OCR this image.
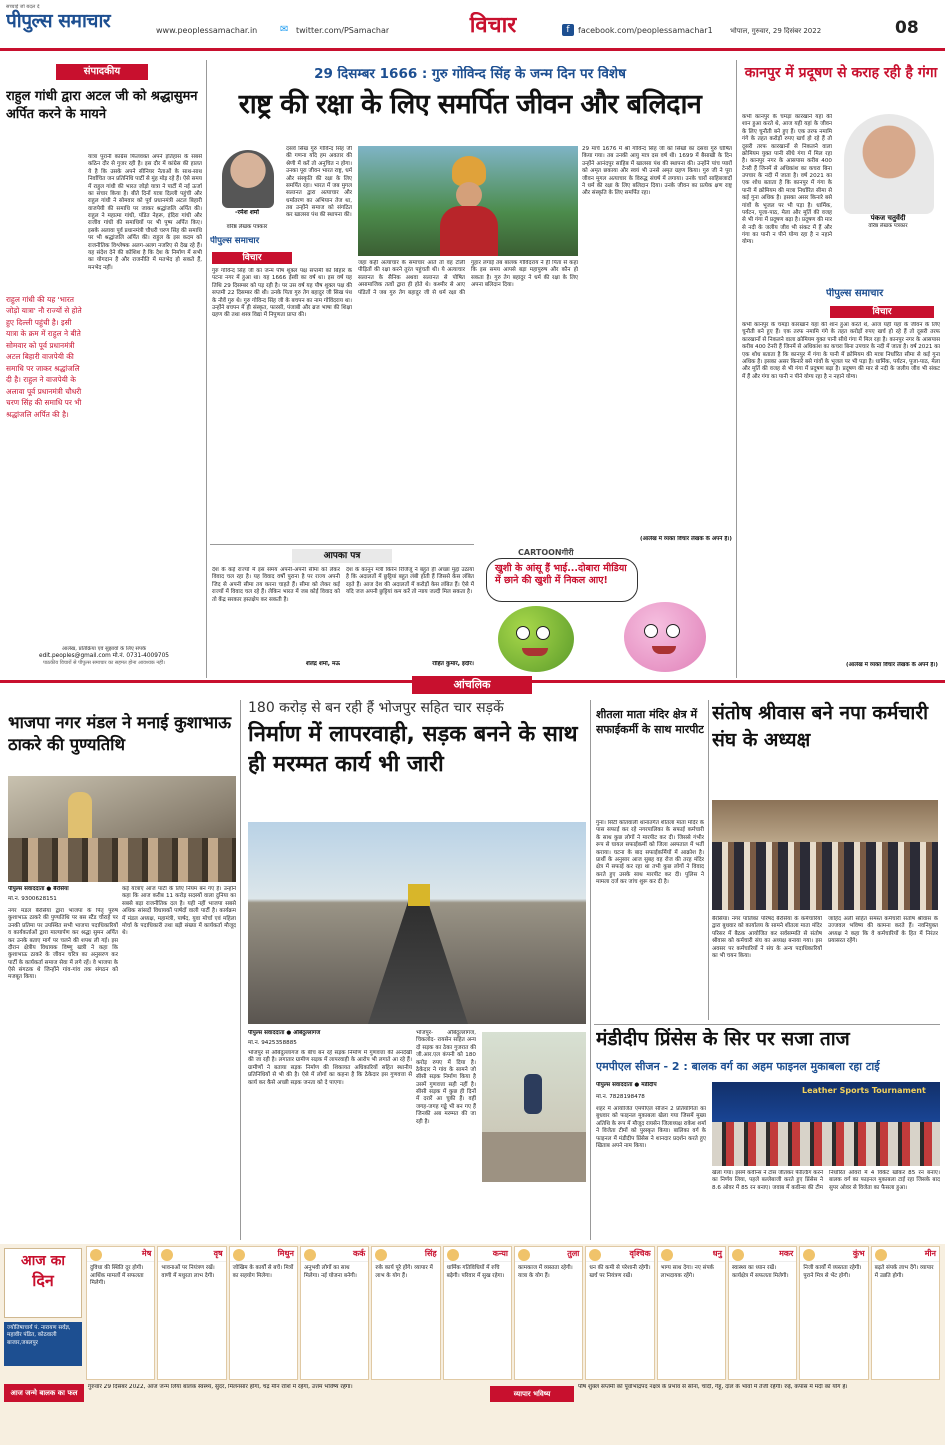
सच्चाई जो बदल दे
पीपुल्स समाचार	www.peoplessamachar.in ✉ twitter.com/PSamachar	विचार	f	facebook.com/peoplessamachar1 भोपाल, गुरुवार, 29 दिसंबर 2022	08
संपादकीय
राहुल गांधी द्वारा अटल जी को श्रद्धासुमन अर्पित करने के मायने
यात्रा पुरानी कांग्रेस फिलवक्त अपने इतिहास के सबसे कठिन दौर से गुजर रही है। इस दौर में कांग्रेस की हालत ये है कि उसके अपने सीनियर नेताओं के साथ-साथ निर्वाचित जन प्रतिनिधि पार्टी से मुंह मोड़ रहे हैं। ऐसे समय में राहुल गांधी की भारत जोड़ो यात्रा ने पार्टी में नई ऊर्जा का संचार किया है। बीते दिनों यात्रा दिल्ली पहुंची और राहुल गांधी ने सोमवार को पूर्व प्रधानमंत्री अटल बिहारी वाजपेयी की समाधि पर जाकर श्रद्धांजलि अर्पित की। राहुल ने महात्मा गांधी, पंडित नेहरू, इंदिरा गांधी और राजीव गांधी की समाधियों पर भी पुष्प अर्पित किए। इसके अलावा पूर्व प्रधानमंत्री चौधरी चरण सिंह की समाधि पर भी श्रद्धांजलि अर्पित की। राहुल के इस कदम को राजनीतिक विश्लेषक अलग-अलग नजरिए से देख रहे हैं। यह संदेश देने की कोशिश है कि देश के निर्माण में सभी का योगदान है और राजनीति में मतभेद हो सकते हैं, मनभेद नहीं।
राहुल गांधी की यह 'भारत जोड़ो यात्रा' नौ राज्यों से होते हुए दिल्ली पहुंची है। इसी यात्रा के क्रम में राहुल ने बीते सोमवार को पूर्व प्रधानमंत्री अटल बिहारी वाजपेयी की समाधि पर जाकर श्रद्धांजलि दी है। राहुल ने वाजपेयी के अलावा पूर्व प्रधानमंत्री चौधरी चरण सिंह की समाधि पर भी श्रद्धांजलि अर्पित की है।
आलेख, प्रतिक्रिया एवं सुझावों के लिए संपर्क
edit.peoples@gmail.com मो.नं. 0731-4009705
पाठकीय विचारों से पीपुल्स समाचार का सहमत होना आवश्यक नहीं।
29 दिसम्बर 1666 : गुरु गोविन्द सिंह के जन्म दिन पर विशेष
राष्ट्र की रक्षा के लिए समर्पित जीवन और बलिदान
-रमेश शर्मा
वरिष्ठ लेखक पत्रकार
पीपुल्स समाचार
विचार
दसवें सिख गुरु गोविन्द सिंह जी की गणना यदि हम अवतार की श्रेणी में करें तो अनुचित न होगा। उनका पूरा जीवन भारत राष्ट्र, धर्म और संस्कृति की रक्षा के लिए समर्पित रहा। भारत में जब मुगल सल्तनत द्वारा अत्याचार और धर्मांतरण का अभियान तेज था, तब उन्होंने समाज को संगठित कर खालसा पंथ की स्थापना की।
गुरु गोविन्द सिंह जी का जन्म पौष शुक्ल पक्ष सप्तमी को बिहार के पटना नगर में हुआ था। यह 1666 ईस्वी का वर्ष था। इस वर्ष यह तिथि 29 दिसम्बर को पड़ रही है। पर उस वर्ष यह पौष शुक्ल पक्ष की सप्तमी 22 दिसम्बर की थी। उनके पिता गुरु तेग बहादुर जी सिख पंथ के नौवें गुरु थे। गुरु गोविन्द सिंह जी के बचपन का नाम गोविंदराय था। उन्होंने बचपन में ही संस्कृत, फारसी, पंजाबी और ब्रज भाषा की शिक्षा ग्रहण की तथा शस्त्र विद्या में निपुणता प्राप्त की।
जहां कहीं अत्याचार के समाचार आते तो वह टोली पीड़ितों की रक्षा करने तुरंत पहुंचती थी। ये अत्याचार सल्तनत के सैनिक अथवा सल्तनत से पोषित असामाजिक तत्वों द्वारा ही होते थे। कश्मीर से आए पंडितों ने जब गुरु तेग बहादुर जी से धर्म रक्षा की गुहार लगाई तब बालक गोविंदराय ने ही पिता से कहा कि इस समय आपसे बड़ा महापुरुष और कौन हो सकता है। गुरु तेग बहादुर ने धर्म की रक्षा के लिए अपना बलिदान दिया।
29 मार्च 1676 में श्री गोविन्द सिंह जी को सिखों का दसवां गुरु घोषित किया गया। तब उनकी आयु मात्र दस वर्ष थी। 1699 में बैसाखी के दिन उन्होंने आनंदपुर साहिब में खालसा पंथ की स्थापना की। उन्होंने पांच प्यारों को अमृत छकाया और स्वयं भी उनसे अमृत ग्रहण किया। गुरु जी ने पूरा जीवन मुगल अत्याचार के विरुद्ध संघर्ष में लगाया। उनके चारों साहिबजादों ने धर्म की रक्षा के लिए बलिदान दिया। उनके जीवन का प्रत्येक क्षण राष्ट्र और संस्कृति के लिए समर्पित रहा।
(आलेख में व्यक्त विचार लेखक के अपने हैं।)
आपका पत्र
देश के कई राज्यों में इस समय अपनी-अपनी सीमा को लेकर विवाद चल रहा है। यह विवाद वर्षों पुराना है पर राज्य अपनी जिद से अपनी सीमा तय करना चाहते हैं। सीमा को लेकर कई राज्यों में विवाद चल रहे हैं। लेकिन भारत में जब कोई विवाद को तो केंद्र सरकार हस्तक्षेप कर सकती है।
शैलेंद्र शर्मा, मऊ
देश के कानून मंत्री किरेन रिजिजू ने बहुत ही अच्छा मुद्दा उठाया है कि अदालतों में छुट्टियां बहुत लंबी होती हैं जिससे केस लंबित रहते हैं। आज देश की अदालतों में करोड़ों केस लंबित हैं। ऐसे में यदि जज अपनी छुट्टियां कम करें तो न्याय जल्दी मिल सकता है।
रोहित कुमार, इंदौर।
CARTOONगीरी
खुशी के आंसू हैं भाई...दोबारा मीडिया में छाने की खुशी में निकल आए!
कानपुर में प्रदूषण से कराह रही है गंगा
पंकज चतुर्वेदी
वरिष्ठ लेखक पत्रकार
पीपुल्स समाचार
विचार
कभी कानपुर के चमड़ा कारखाने यहां की शान हुआ करते थे, आज यही यहां के जीवन के लिए चुनौती बने हुए हैं। एक तरफ नमामि गंगे के तहत करोड़ों रुपए खर्च हो रहे हैं तो दूसरी तरफ कारखानों से निकलने वाला क्रोमियम युक्त पानी सीधे गंगा में मिल रहा है। कानपुर नगर के आसपास करीब 400 टेनरी हैं जिनमें से अधिकांश का कचरा बिना उपचार के नदी में जाता है। वर्ष 2021 का एक शोध बताता है कि कानपुर में गंगा के पानी में क्रोमियम की मात्रा निर्धारित सीमा से कई गुना अधिक है। इसका असर किनारे बसे गांवों के भूजल पर भी पड़ा है। धार्मिक, पर्यटन, पूजा-पाठ, मेला और मूर्ति की वजह से भी गंगा में प्रदूषण बढ़ा है। प्रदूषण की मार से नदी के जलीय जीव भी संकट में हैं और गंगा का पानी न पीने योग्य रहा है न नहाने योग्य।
कभी कानपुर के चमड़ा कारखाने यहां की शान हुआ करते थे, आज यही यहां के जीवन के लिए चुनौती बने हुए हैं। एक तरफ नमामि गंगे के तहत करोड़ों रुपए खर्च हो रहे हैं तो दूसरी तरफ कारखानों से निकलने वाला क्रोमियम युक्त पानी सीधे गंगा में मिल रहा है। कानपुर नगर के आसपास करीब 400 टेनरी हैं जिनमें से अधिकांश का कचरा बिना उपचार के नदी में जाता है। वर्ष 2021 का एक शोध बताता है कि कानपुर में गंगा के पानी में क्रोमियम की मात्रा निर्धारित सीमा से कई गुना अधिक है। इसका असर किनारे बसे गांवों के भूजल पर भी पड़ा है। धार्मिक, पर्यटन, पूजा-पाठ, मेला और मूर्ति की वजह से भी गंगा में प्रदूषण बढ़ा है। प्रदूषण की मार से नदी के जलीय जीव भी संकट में हैं और गंगा का पानी न पीने योग्य रहा है न नहाने योग्य।
(आलेख में व्यक्त विचार लेखक के अपने हैं।)
आंचलिक
भाजपा नगर मंडल ने मनाई कुशाभाऊ ठाकरे की पुण्यतिथि
पीपुल्स संवाददाता ● बैरसिया
मो.नं. 9300628151
नगर मंडल बैरसिया द्वारा भाजपा के पितृ पुरुष कुशाभाऊ ठाकरे की पुण्यतिथि पर बस स्टैंड चौराहे पर उनकी प्रतिमा पर उपस्थित सभी भाजपा पदाधिकारियों व कार्यकर्ताओं द्वारा माल्यार्पण कर श्रद्धा सुमन अर्पित कर उनके बताए मार्ग पर चलने की शपथ ली गई। इस दौरान क्षेत्रीय विधायक विष्णु खत्री ने कहा कि कुशाभाऊ ठाकरे के जीवन चरित्र का अनुसरण कर पार्टी के कार्यकर्ता समाज सेवा में लगे रहें। वे भाजपा के ऐसे संगठक थे जिन्होंने गांव-गांव तक संगठन को मजबूत किया।
कई यात्राएं आज पार्टी के लिए नियम बन गए हैं। उन्होंने कहा कि आज करीब 11 करोड़ सदस्यों वाला दुनिया का सबसे बड़ा राजनीतिक दल है। यही नहीं भाजपा सबसे अधिक सांसदों विधायकों पार्षदों वाली पार्टी है। कार्यक्रम में मंडल अध्यक्ष, महामंत्री, पार्षद, युवा मोर्चा एवं महिला मोर्चा के पदाधिकारी तथा बड़ी संख्या में कार्यकर्ता मौजूद थे।
180 करोड़ से बन रही हैं भोजपुर सहित चार सड़कें
निर्माण में लापरवाही, सड़क बनने के साथ ही मरम्मत कार्य भी जारी
पीपुल्स संवाददाता ● औबेदुल्लागंज
मो.नं. 9425358885
भोजपुर से औबेदुल्लागंज के बीच बन रहे सड़क निर्माण में गुणवत्ता की अनदेखी की जा रही है। लगातार ग्रामीण सड़क में लापरवाही के आरोप भी लगाते आ रहे हैं। ग्रामीणों ने बताया सड़क निर्माण की शिकायत अधिकारियों सहित स्थानीय प्रतिनिधियों से भी की है। ऐसे में लोगों का कहना है कि ठेकेदार इस गुणवत्ता से कार्य कर कैसे अच्छी सड़क जनता को दे पाएगा।
भोजपुर- औबेदुल्लागंज, चिकलोद- रायसेन सहित अन्य दो सड़क का ठेका गुजरात की जी.आर.एल कंपनी को 180 करोड़ रुपए में दिया है। ठेकेदार ने गांव के सामने जो सीसी सड़क निर्माण किया है उसमें गुणवत्ता सही नहीं है। सीसी सड़क में कुछ ही दिनों में दरारें आ चुकी हैं। वहीं जगह-जगह गड्ढे भी बन गए हैं जिनकी अब मरम्मत की जा रही है।
शीतला माता मंदिर क्षेत्र में सफाईकर्मी के साथ मारपीट
गुना। सिटी कोतवाली थानांतर्गत शीतला माता मंदिर के पास सफाई कर रहे नगरपालिका के सफाई कर्मचारी के साथ कुछ लोगों ने मारपीट कर दी। जिससे गंभीर रूप से घायल सफाईकर्मी को जिला अस्पताल में भर्ती कराया। घटना के बाद सफाईकर्मियों में आक्रोश है। प्रार्थी के अनुसार आज सुबह वह रोज की तरह मंदिर क्षेत्र में सफाई कर रहा था तभी कुछ लोगों ने विवाद करते हुए उसके साथ मारपीट कर दी। पुलिस ने मामला दर्ज कर जांच शुरू कर दी है।
संतोष श्रीवास बने नपा कर्मचारी संघ के अध्यक्ष
बैरसिया। नगर पालिका परिषद बैरसिया के कर्मचारियों द्वारा बुधवार को कार्यालय के सामने शीतला माता मंदिर परिसर में बैठक आयोजित कर सर्वसम्मति से संतोष श्रीवास को कर्मचारी संघ का अध्यक्ष बनाया गया। इस अवसर पर कर्मचारियों ने संघ के अन्य पदाधिकारियों का भी चयन किया।
जाहिद अली सहित समस्त कर्मचारी संतोष श्रीवास के उज्जवल भविष्य की कामना करते हैं। नवनियुक्त अध्यक्ष ने कहा कि वे कर्मचारियों के हित में निरंतर प्रयासरत रहेंगे।
मंडीदीप प्रिंसेस के सिर पर सजा ताज
एमपीएल सीजन - 2 : बालक वर्ग का अहम फाइनल मुकाबला रहा टाई
पीपुल्स संवाददाता ● मंडीदीप
मो.नं. 7828198478
Leather Sports Tournament
शहर में आयोजित एमपीएल सीजन 2 प्रतियोगिता का बुधवार को फाइनल मुकाबला खेला गया जिसमें मुख्य अतिथि के रूप में मौजूद रायसेन जिलाध्यक्ष राकेश शर्मा ने विजेता टीमों को पुरस्कृत किया। बालिका वर्ग के फाइनल में मंडीदीप प्रिंसेस ने शानदार प्रदर्शन करते हुए खिताब अपने नाम किया।
खेला गया। इसमें कवीन्स ने टॉस जीतकर फील्डिंग करने का निर्णय लिया, पहले बल्लेबाजी करते हुए प्रिंसेस ने 8.6 ओवर में 85 रन बनाए। जवाब में कवीन्स की टीम निर्धारित ओवरों में 4 विकेट खोकर 85 रन बनाए। बालक वर्ग का फाइनल मुकाबला टाई रहा जिसके बाद सुपर ओवर से विजेता का फैसला हुआ।
आज का
दिन
ज्योतिषाचार्य पं. नारायण सर्वज्ञ, महावीर पंडित, कोठवाली बाजार,जबलपुर
मेष
दुविधा की स्थिति दूर होगी। आर्थिक मामलों में सफलता मिलेगी।
वृष
भावनाओं पर नियंत्रण रखें। वाणी में मधुरता लाभ देगी।
मिथुन
जोखिम के कार्यों से बचें। मित्रों का सहयोग मिलेगा।
कर्क
अनुभवी लोगों का साथ मिलेगा। नई योजना बनेगी।
सिंह
रुके कार्य पूरे होंगे। व्यापार में लाभ के योग हैं।
कन्या
धार्मिक गतिविधियों में रुचि बढ़ेगी। परिवार में सुख रहेगा।
तुला
कामकाज में व्यस्तता रहेगी। यात्रा के योग हैं।
वृश्चिक
धन की कमी से परेशानी रहेगी। खर्च पर नियंत्रण रखें।
धनु
भाग्य साथ देगा। नए संपर्क लाभदायक रहेंगे।
मकर
स्वास्थ्य का ध्यान रखें। कार्यक्षेत्र में सफलता मिलेगी।
कुंभ
निजी कार्यों में व्यस्तता रहेगी। पुराने मित्र से भेंट होगी।
मीन
बढ़ते संपर्क लाभ देंगे। व्यापार में उन्नति होगी।
आज जन्मे बालक का फल
गुरुवार 29 दिसंबर 2022, आज जन्म लिया बालक स्वस्थ्य, सुंदर, मिलनसार होगा, चंद्र मीन राशि में रहेगा, उत्तम भविष्य रहेगा।
व्यापार भविष्य
पौष शुक्ल सप्तमी को पूर्वाभाद्रपद नक्षत्र के प्रभाव से सोना, चांदी, गेहूं, दाल के भावों में तेजी रहेगी। रुई, कपास में मंदी का योग है।
